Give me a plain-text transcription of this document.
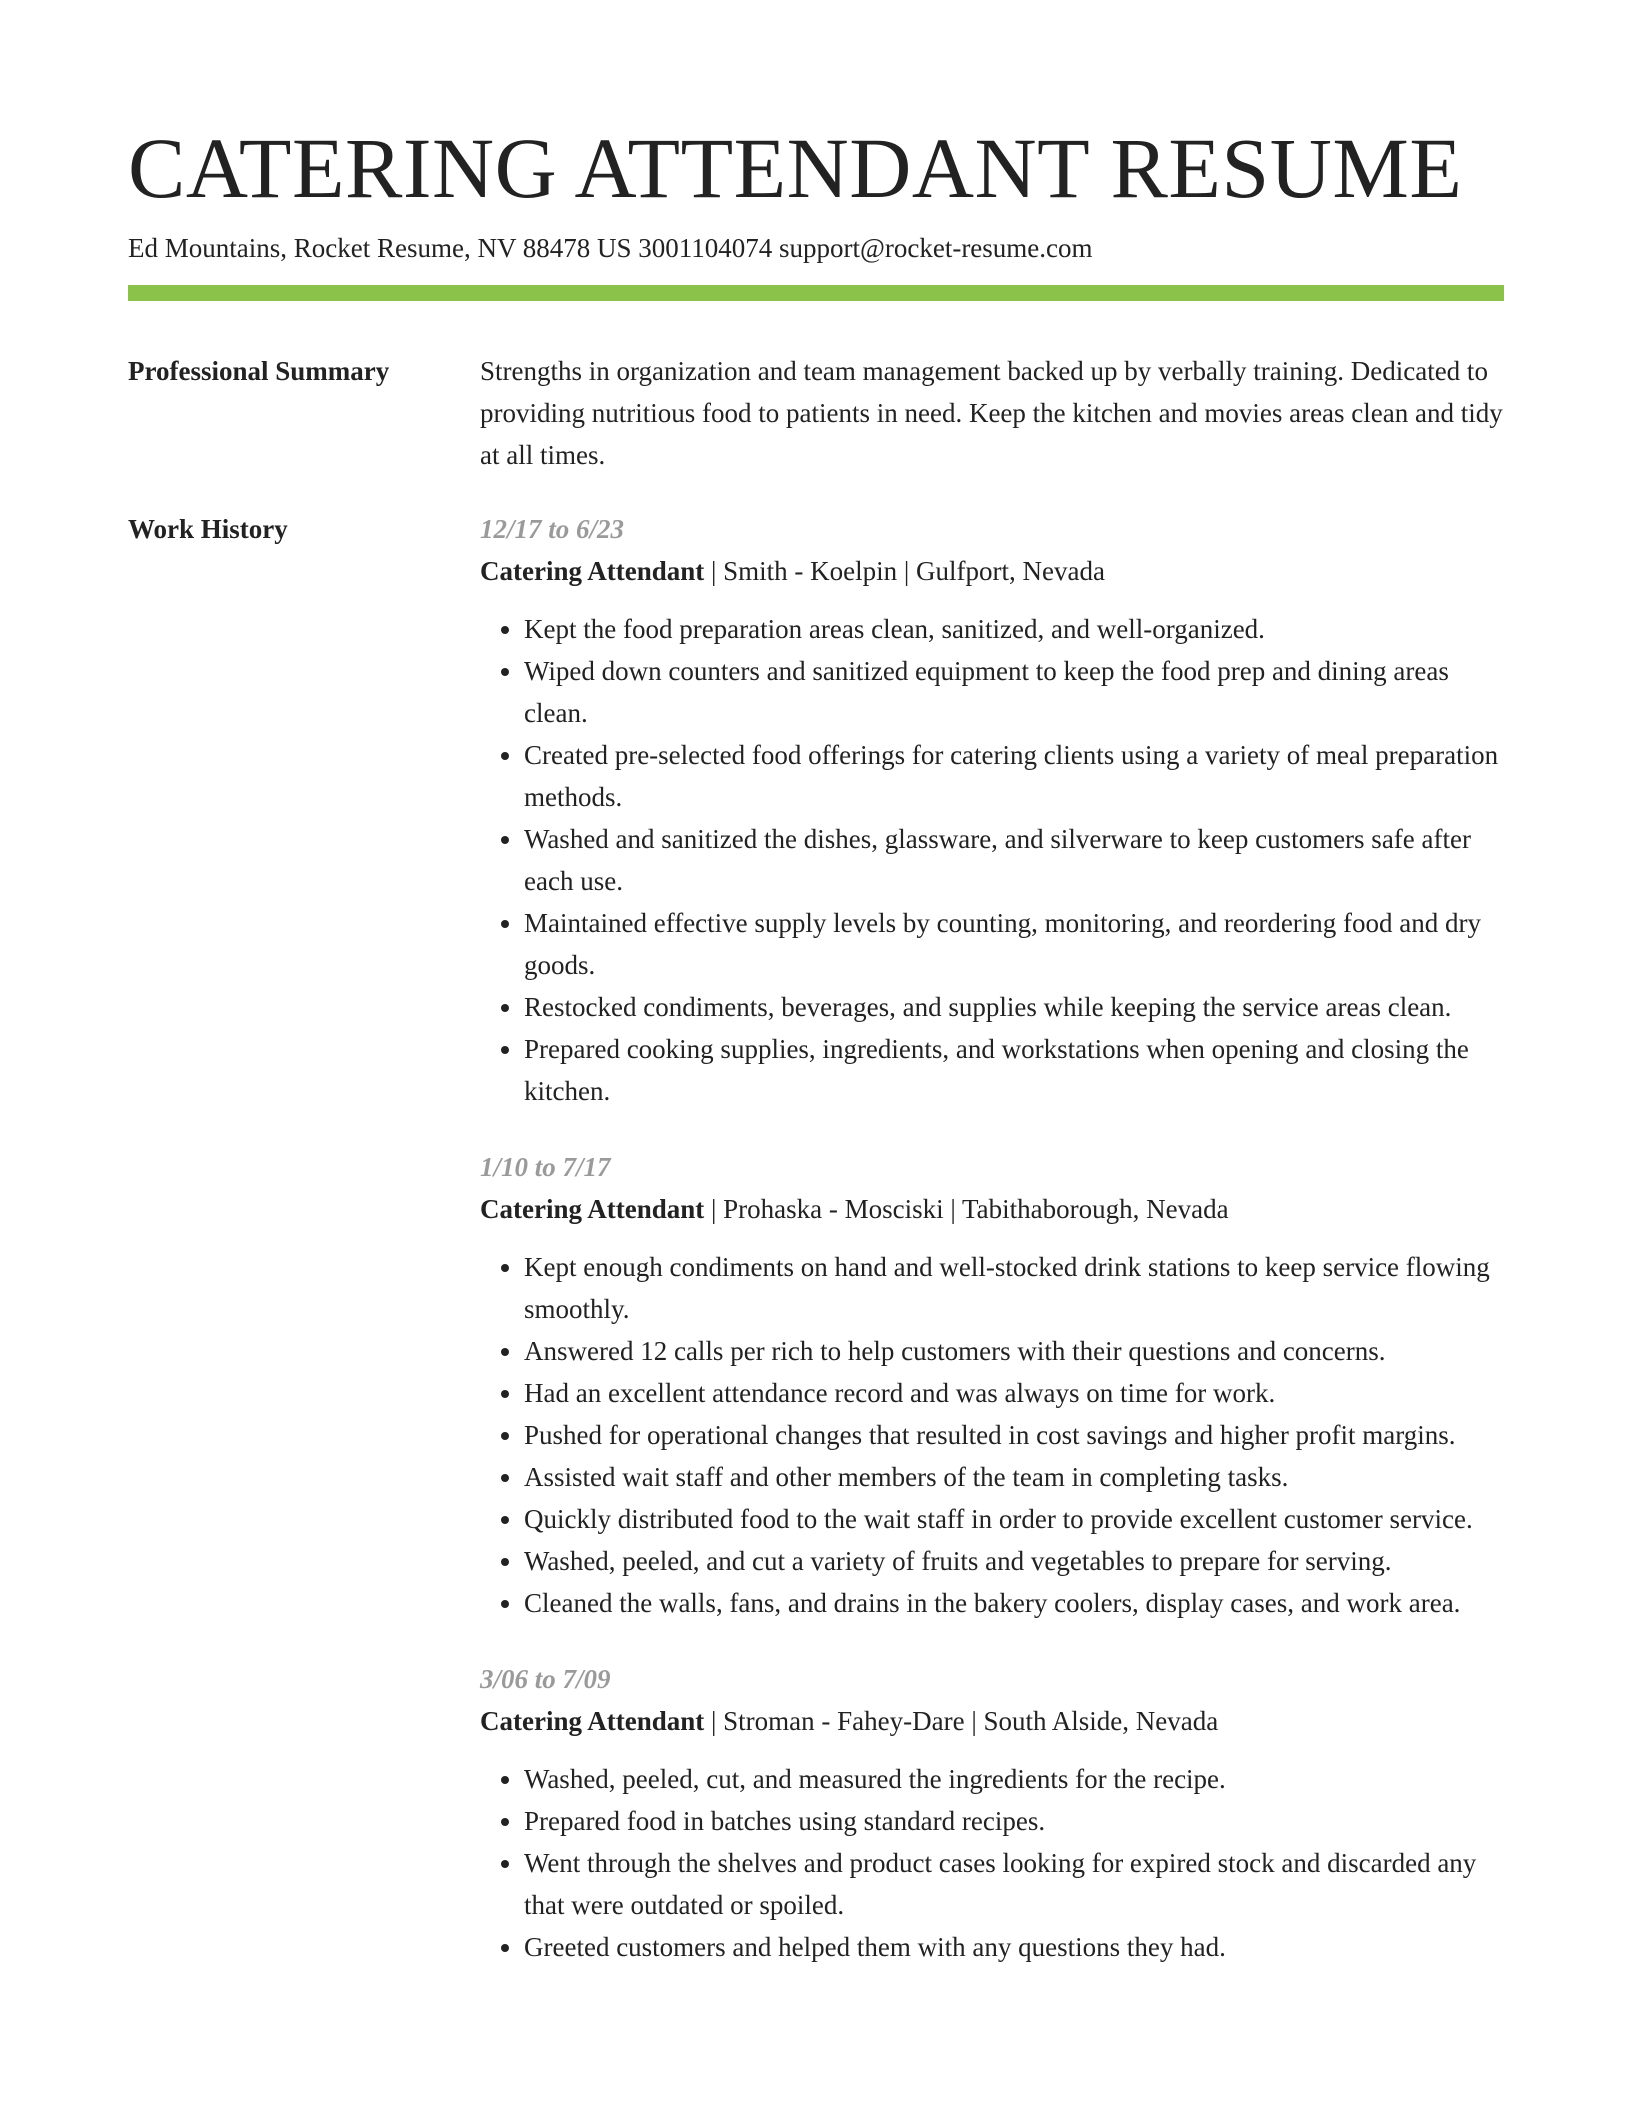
CATERING ATTENDANT RESUME
Ed Mountains, Rocket Resume, NV 88478 US 3001104074 support@rocket-resume.com
Professional Summary	Strengths in organization and team management backed up by verbally training. Dedicated to providing nutritious food to patients in need. Keep the kitchen and movies areas clean and tidy at all times.

Work History	12/17 to 6/23
Catering Attendant | Smith - Koelpin | Gulfport, Nevada
• Kept the food preparation areas clean, sanitized, and well-organized.
• Wiped down counters and sanitized equipment to keep the food prep and dining areas clean.
• Created pre-selected food offerings for catering clients using a variety of meal preparation methods.
• Washed and sanitized the dishes, glassware, and silverware to keep customers safe after each use.
• Maintained effective supply levels by counting, monitoring, and reordering food and dry goods.
• Restocked condiments, beverages, and supplies while keeping the service areas clean.
• Prepared cooking supplies, ingredients, and workstations when opening and closing the kitchen.
1/10 to 7/17
Catering Attendant | Prohaska - Mosciski | Tabithaborough, Nevada
• Kept enough condiments on hand and well-stocked drink stations to keep service flowing smoothly.
• Answered 12 calls per rich to help customers with their questions and concerns.
• Had an excellent attendance record and was always on time for work.
• Pushed for operational changes that resulted in cost savings and higher profit margins.
• Assisted wait staff and other members of the team in completing tasks.
• Quickly distributed food to the wait staff in order to provide excellent customer service.
• Washed, peeled, and cut a variety of fruits and vegetables to prepare for serving.
• Cleaned the walls, fans, and drains in the bakery coolers, display cases, and work area.
3/06 to 7/09
Catering Attendant | Stroman - Fahey-Dare | South Alside, Nevada
• Washed, peeled, cut, and measured the ingredients for the recipe.
• Prepared food in batches using standard recipes.
• Went through the shelves and product cases looking for expired stock and discarded any that were outdated or spoiled.
• Greeted customers and helped them with any questions they had.
